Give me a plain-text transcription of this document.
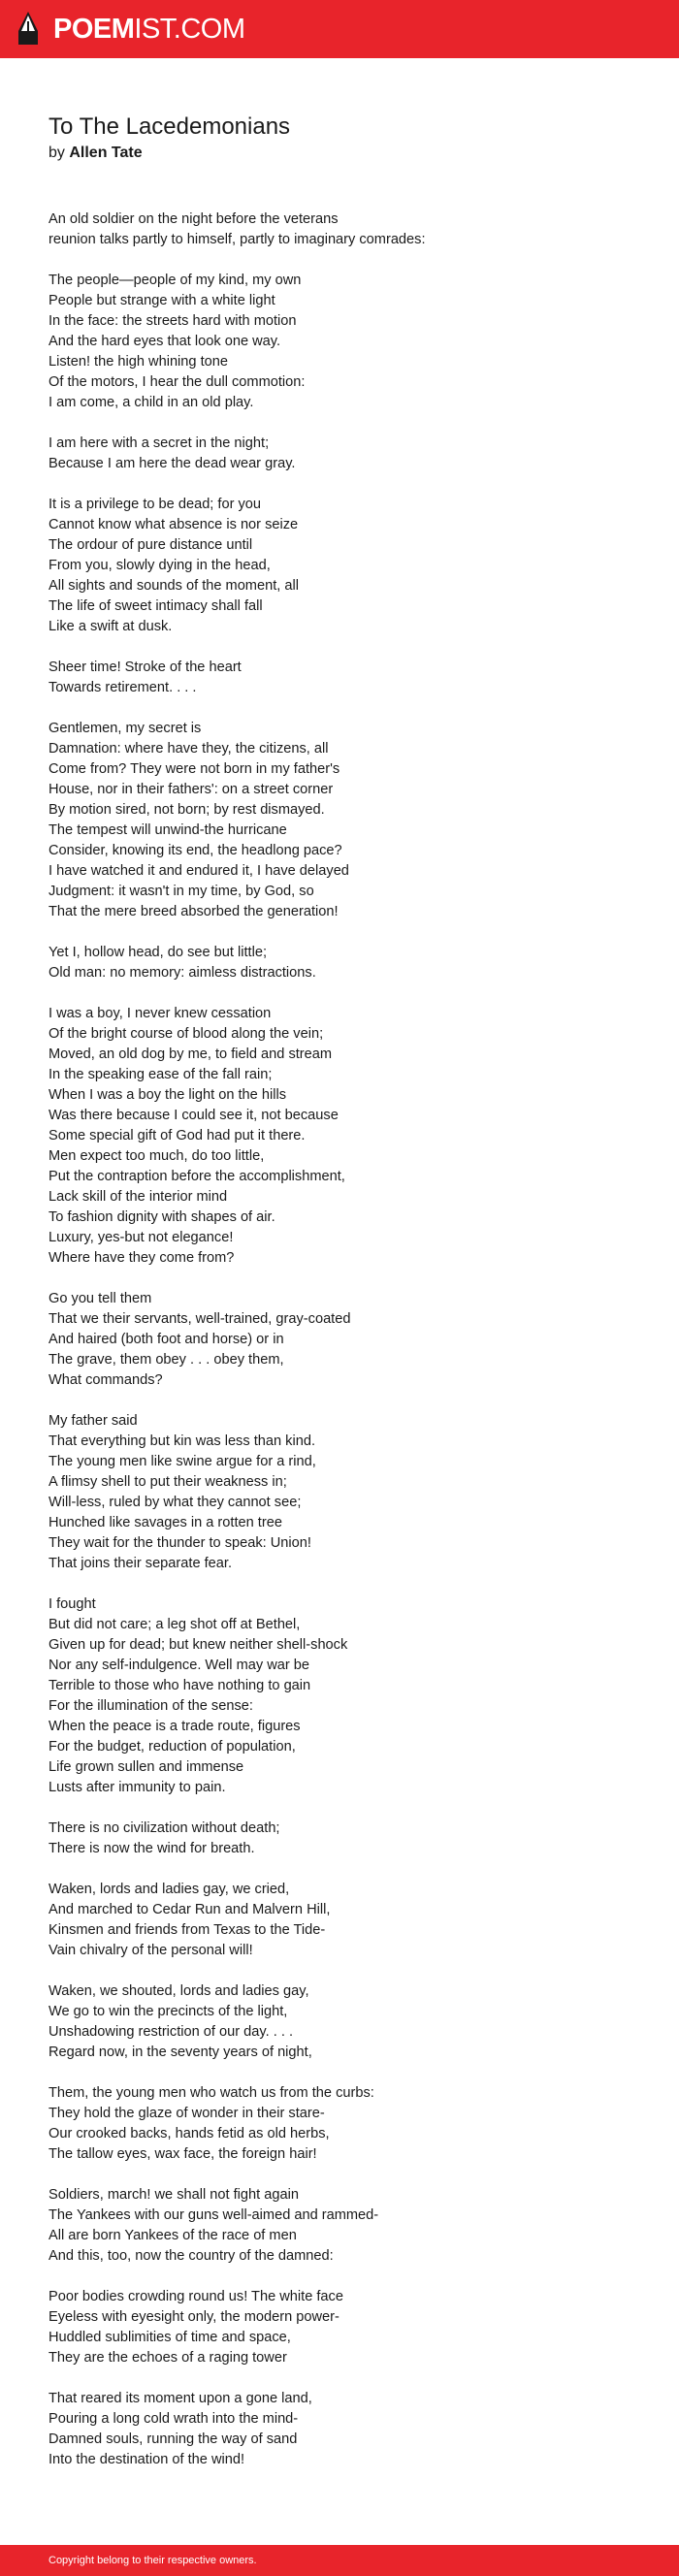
POEMIST.COM
To The Lacedemonians
by Allen Tate
An old soldier on the night before the veterans
reunion talks partly to himself, partly to imaginary comrades:
The people—people of my kind, my own
People but strange with a white light
In the face: the streets hard with motion
And the hard eyes that look one way.
Listen! the high whining tone
Of the motors, I hear the dull commotion:
I am come, a child in an old play.
I am here with a secret in the night;
Because I am here the dead wear gray.
It is a privilege to be dead; for you
Cannot know what absence is nor seize
The ordour of pure distance until
From you, slowly dying in the head,
All sights and sounds of the moment, all
The life of sweet intimacy shall fall
Like a swift at dusk.
Sheer time! Stroke of the heart
Towards retirement. . . .
Gentlemen, my secret is
Damnation: where have they, the citizens, all
Come from? They were not born in my father's
House, nor in their fathers': on a street corner
By motion sired, not born; by rest dismayed.
The tempest will unwind-the hurricane
Consider, knowing its end, the headlong pace?
I have watched it and endured it, I have delayed
Judgment: it wasn't in my time, by God, so
That the mere breed absorbed the generation!
Yet I, hollow head, do see but little;
Old man: no memory: aimless distractions.
I was a boy, I never knew cessation
Of the bright course of blood along the vein;
Moved, an old dog by me, to field and stream
In the speaking ease of the fall rain;
When I was a boy the light on the hills
Was there because I could see it, not because
Some special gift of God had put it there.
Men expect too much, do too little,
Put the contraption before the accomplishment,
Lack skill of the interior mind
To fashion dignity with shapes of air.
Luxury, yes-but not elegance!
Where have they come from?
Go you tell them
That we their servants, well-trained, gray-coated
And haired (both foot and horse) or in
The grave, them obey . . . obey them,
What commands?
My father said
That everything but kin was less than kind.
The young men like swine argue for a rind,
A flimsy shell to put their weakness in;
Will-less, ruled by what they cannot see;
Hunched like savages in a rotten tree
They wait for the thunder to speak: Union!
That joins their separate fear.
I fought
But did not care; a leg shot off at Bethel,
Given up for dead; but knew neither shell-shock
Nor any self-indulgence. Well may war be
Terrible to those who have nothing to gain
For the illumination of the sense:
When the peace is a trade route, figures
For the budget, reduction of population,
Life grown sullen and immense
Lusts after immunity to pain.
There is no civilization without death;
There is now the wind for breath.
Waken, lords and ladies gay, we cried,
And marched to Cedar Run and Malvern Hill,
Kinsmen and friends from Texas to the Tide-
Vain chivalry of the personal will!
Waken, we shouted, lords and ladies gay,
We go to win the precincts of the light,
Unshadowing restriction of our day. . . .
Regard now, in the seventy years of night,
Them, the young men who watch us from the curbs:
They hold the glaze of wonder in their stare-
Our crooked backs, hands fetid as old herbs,
The tallow eyes, wax face, the foreign hair!
Soldiers, march! we shall not fight again
The Yankees with our guns well-aimed and rammed-
All are born Yankees of the race of men
And this, too, now the country of the damned:
Poor bodies crowding round us! The white face
Eyeless with eyesight only, the modern power-
Huddled sublimities of time and space,
They are the echoes of a raging tower
That reared its moment upon a gone land,
Pouring a long cold wrath into the mind-
Damned souls, running the way of sand
Into the destination of the wind!
Copyright belong to their respective owners.
